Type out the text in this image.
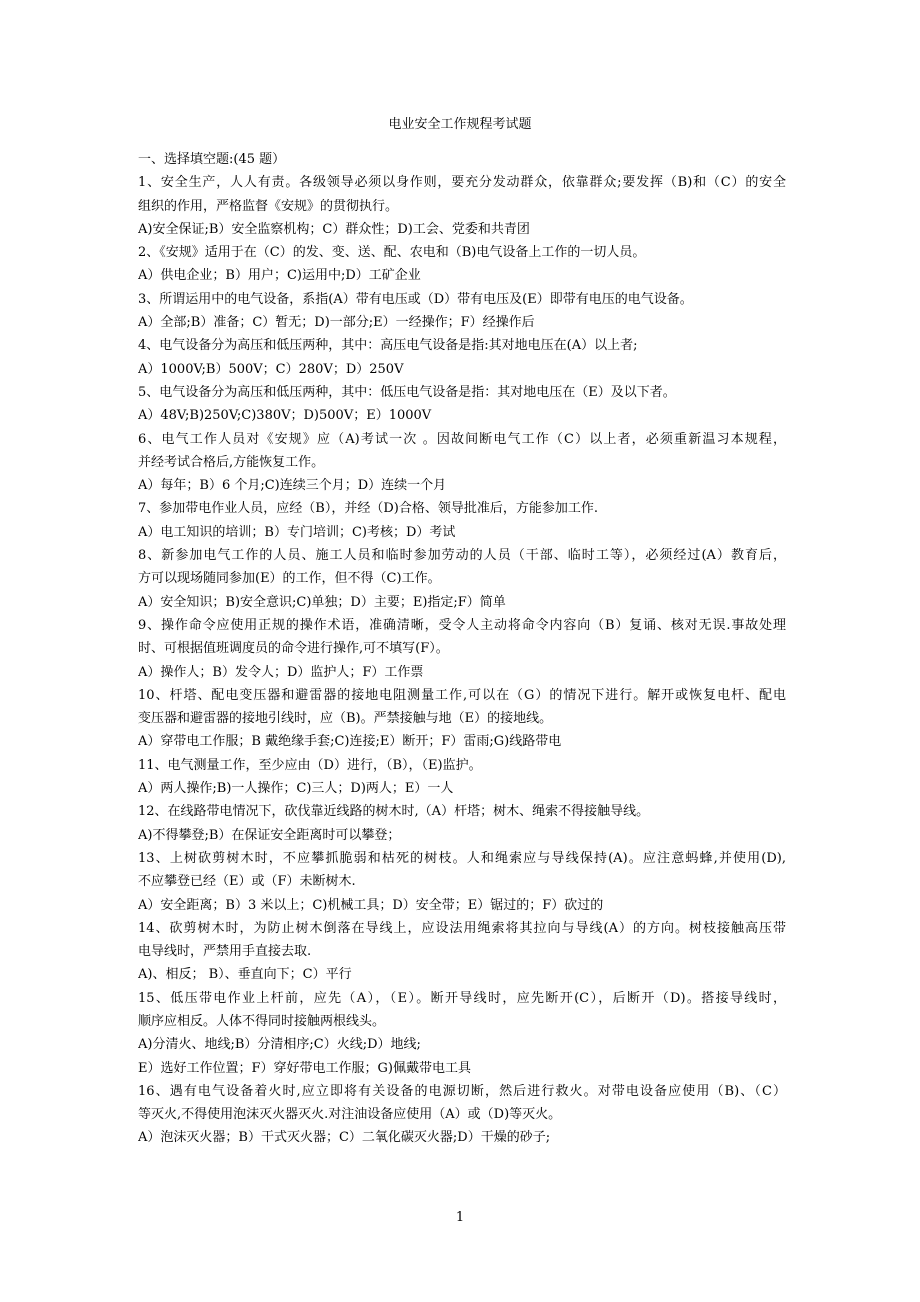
电业安全工作规程考试题
一、选择填空题:(45 题）
1、安全生产，人人有责。各级领导必须以身作则，要充分发动群众，依靠群众;要发挥（B)和（C）的安全
组织的作用，严格监督《安规》的贯彻执行。
A)安全保证;B）安全监察机构；C）群众性；D)工会、党委和共青团
2、《安规》适用于在（C）的发、变、送、配、农电和（B)电气设备上工作的一切人员。
A）供电企业；B）用户；C)运用中;D）工矿企业
3、所谓运用中的电气设备，系指(A）带有电压或（D）带有电压及(E）即带有电压的电气设备。
A）全部;B）准备；C）暂无；D)一部分;E）一经操作；F）经操作后
4、电气设备分为高压和低压两种，其中：高压电气设备是指:其对地电压在(A）以上者;
A）1000V;B）500V；C）280V；D）250V
5、电气设备分为高压和低压两种，其中：低压电气设备是指：其对地电压在（E）及以下者。
A）48V;B)250V;C)380V；D)500V；E）1000V
6、电气工作人员对《安规》应（A)考试一次 。因故间断电气工作（C）以上者，必须重新温习本规程，
并经考试合格后,方能恢复工作。
A）每年；B）6 个月;C)连续三个月；D）连续一个月
7、参加带电作业人员，应经（B），并经（D)合格、领导批准后，方能参加工作.
A）电工知识的培训；B）专门培训；C)考核；D）考试
8、新参加电气工作的人员、施工人员和临时参加劳动的人员（干部、临时工等），必须经过(A）教育后，
方可以现场随同参加(E）的工作，但不得（C)工作。
A）安全知识；B)安全意识;C)单独；D）主要；E)指定;F）简单
9、操作命令应使用正规的操作术语，准确清晰，受令人主动将命令内容向（B）复诵、核对无误.事故处理
时、可根据值班调度员的命令进行操作,可不填写(F）。
A）操作人；B）发令人；D）监护人；F）工作票
10、杆塔、配电变压器和避雷器的接地电阻测量工作,可以在（G）的情况下进行。解开或恢复电杆、配电
变压器和避雷器的接地引线时，应（B)。严禁接触与地（E）的接地线。
A）穿带电工作服；B 戴绝缘手套;C)连接;E）断开；F）雷雨;G)线路带电
11、电气测量工作，至少应由（D）进行，（B），（E)监护。
A）两人操作;B)一人操作；C)三人；D)两人；E）一人
12、在线路带电情况下，砍伐靠近线路的树木时,（A）杆塔；树木、绳索不得接触导线。
A)不得攀登;B）在保证安全距离时可以攀登；
13、上树砍剪树木时，不应攀抓脆弱和枯死的树枝。人和绳索应与导线保持(A)。应注意蚂蜂,并使用(D),
不应攀登已经（E）或（F）未断树木.
A）安全距离；B）3 米以上；C)机械工具；D）安全带；E）锯过的；F）砍过的
14、砍剪树木时，为防止树木倒落在导线上，应设法用绳索将其拉向与导线(A）的方向。树枝接触高压带
电导线时，严禁用手直接去取.
A)、相反； B）、垂直向下；C）平行
15、低压带电作业上杆前，应先（A），（E）。断开导线时，应先断开(C），后断开（D)。搭接导线时，
顺序应相反。人体不得同时接触两根线头。
A)分清火、地线;B）分清相序;C）火线;D）地线;
E）选好工作位置；F）穿好带电工作服；G)佩戴带电工具
16、遇有电气设备着火时,应立即将有关设备的电源切断，然后进行救火。对带电设备应使用（B)、（C）
等灭火,不得使用泡沫灭火器灭火.对注油设备应使用（A）或（D)等灭火。
A）泡沫灭火器；B）干式灭火器；C）二氧化碳灭火器;D）干燥的砂子;
1
